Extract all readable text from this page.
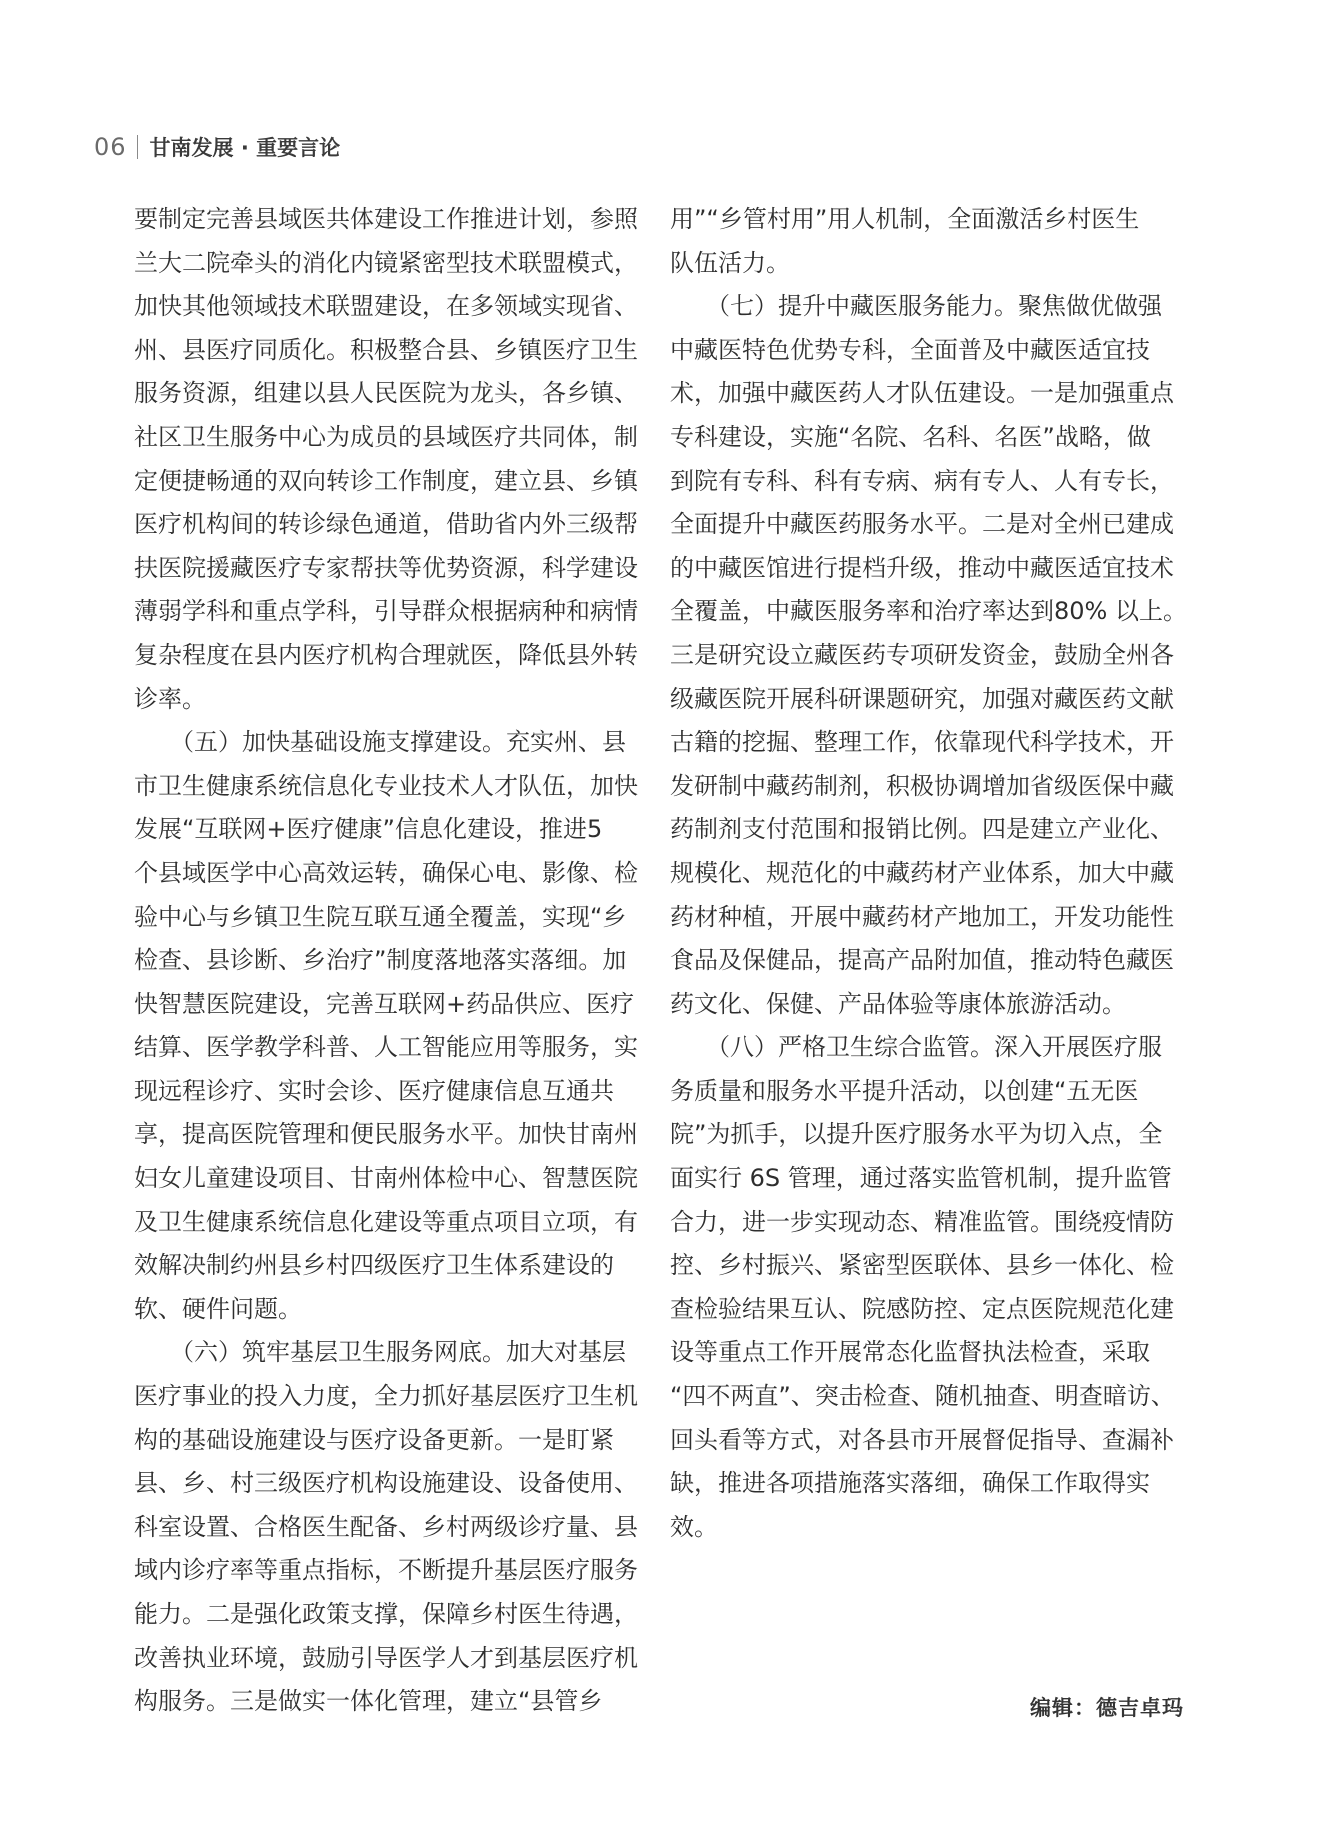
06 甘南发展 · 重要言论
要制定完善县域医共体建设工作推进计划，参照
兰大二院牵头的消化内镜紧密型技术联盟模式，
加快其他领域技术联盟建设，在多领域实现省、
州、县医疗同质化。积极整合县、乡镇医疗卫生
服务资源，组建以县人民医院为龙头，各乡镇、
社区卫生服务中心为成员的县域医疗共同体，制
定便捷畅通的双向转诊工作制度，建立县、乡镇
医疗机构间的转诊绿色通道，借助省内外三级帮
扶医院援藏医疗专家帮扶等优势资源，科学建设
薄弱学科和重点学科，引导群众根据病种和病情
复杂程度在县内医疗机构合理就医，降低县外转
诊率。
　　（五）加快基础设施支撑建设。充实州、县
市卫生健康系统信息化专业技术人才队伍，加快
发展“互联网+医疗健康”信息化建设，推进5
个县域医学中心高效运转，确保心电、影像、检
验中心与乡镇卫生院互联互通全覆盖，实现“乡
检查、县诊断、乡治疗”制度落地落实落细。加
快智慧医院建设，完善互联网+药品供应、医疗
结算、医学教学科普、人工智能应用等服务，实
现远程诊疗、实时会诊、医疗健康信息互通共
享，提高医院管理和便民服务水平。加快甘南州
妇女儿童建设项目、甘南州体检中心、智慧医院
及卫生健康系统信息化建设等重点项目立项，有
效解决制约州县乡村四级医疗卫生体系建设的
软、硬件问题。
　　（六）筑牢基层卫生服务网底。加大对基层
医疗事业的投入力度，全力抓好基层医疗卫生机
构的基础设施建设与医疗设备更新。一是盯紧
县、乡、村三级医疗机构设施建设、设备使用、
科室设置、合格医生配备、乡村两级诊疗量、县
域内诊疗率等重点指标，不断提升基层医疗服务
能力。二是强化政策支撑，保障乡村医生待遇，
改善执业环境，鼓励引导医学人才到基层医疗机
构服务。三是做实一体化管理，建立“县管乡
用”“乡管村用”用人机制，全面激活乡村医生
队伍活力。
　　（七）提升中藏医服务能力。聚焦做优做强
中藏医特色优势专科，全面普及中藏医适宜技
术，加强中藏医药人才队伍建设。一是加强重点
专科建设，实施“名院、名科、名医”战略，做
到院有专科、科有专病、病有专人、人有专长，
全面提升中藏医药服务水平。二是对全州已建成
的中藏医馆进行提档升级，推动中藏医适宜技术
全覆盖，中藏医服务率和治疗率达到80% 以上。
三是研究设立藏医药专项研发资金，鼓励全州各
级藏医院开展科研课题研究，加强对藏医药文献
古籍的挖掘、整理工作，依靠现代科学技术，开
发研制中藏药制剂，积极协调增加省级医保中藏
药制剂支付范围和报销比例。四是建立产业化、
规模化、规范化的中藏药材产业体系，加大中藏
药材种植，开展中藏药材产地加工，开发功能性
食品及保健品，提高产品附加值，推动特色藏医
药文化、保健、产品体验等康体旅游活动。
　　（八）严格卫生综合监管。深入开展医疗服
务质量和服务水平提升活动，以创建“五无医
院”为抓手，以提升医疗服务水平为切入点，全
面实行 6S 管理，通过落实监管机制，提升监管
合力，进一步实现动态、精准监管。围绕疫情防
控、乡村振兴、紧密型医联体、县乡一体化、检
查检验结果互认、院感防控、定点医院规范化建
设等重点工作开展常态化监督执法检查，采取
“四不两直”、突击检查、随机抽查、明查暗访、
回头看等方式，对各县市开展督促指导、查漏补
缺，推进各项措施落实落细，确保工作取得实
效。
编辑：德吉卓玛
